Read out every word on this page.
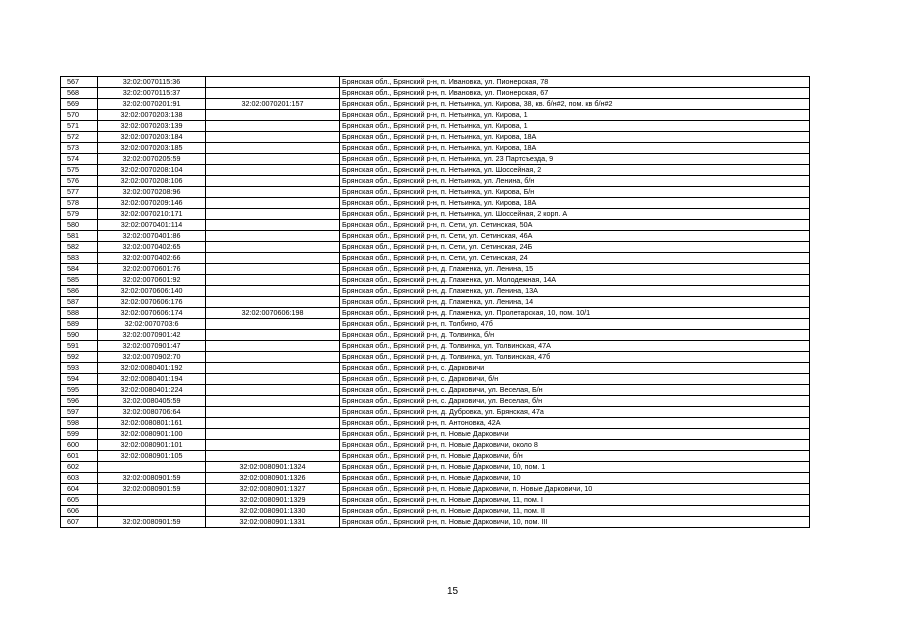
567	32:02:0070115:36		Брянская обл., Брянский р-н, п. Ивановка, ул. Пионерская, 78
568	32:02:0070115:37		Брянская обл., Брянский р-н, п. Ивановка, ул. Пионерская, 67
569	32:02:0070201:91	32:02:0070201:157	Брянская обл., Брянский р-н, п. Нетьинка, ул. Кирова, 38, кв. б/н#2, пом. кв б/н#2
570	32:02:0070203:138		Брянская обл., Брянский р-н, п. Нетьинка, ул. Кирова, 1
571	32:02:0070203:139		Брянская обл., Брянский р-н, п. Нетьинка, ул. Кирова, 1
572	32:02:0070203:184		Брянская обл., Брянский р-н, п. Нетьинка, ул. Кирова, 18А
573	32:02:0070203:185		Брянская обл., Брянский р-н, п. Нетьинка, ул. Кирова, 18А
574	32:02:0070205:59		Брянская обл., Брянский р-н, п. Нетьинка, ул. 23 Партсъезда, 9
575	32:02:0070208:104		Брянская обл., Брянский р-н, п. Нетьинка, ул. Шоссейная, 2
576	32:02:0070208:106		Брянская обл., Брянский р-н, п. Нетьинка, ул. Ленина, б/н
577	32:02:0070208:96		Брянская обл., Брянский р-н, п. Нетьинка, ул. Кирова, Б/н
578	32:02:0070209:146		Брянская обл., Брянский р-н, п. Нетьинка, ул. Кирова, 18А
579	32:02:0070210:171		Брянская обл., Брянский р-н, п. Нетьинка, ул. Шоссейная, 2 корп. А
580	32:02:0070401:114		Брянская обл., Брянский р-н, п. Сети, ул. Сетинская, 50А
581	32:02:0070401:86		Брянская обл., Брянский р-н, п. Сети, ул. Сетинская, 46А
582	32:02:0070402:65		Брянская обл., Брянский р-н, п. Сети, ул. Сетинская, 24Б
583	32:02:0070402:66		Брянская обл., Брянский р-н, п. Сети, ул. Сетинская, 24
584	32:02:0070601:76		Брянская обл., Брянский р-н, д. Глаженка, ул. Ленина, 15
585	32:02:0070601:92		Брянская обл., Брянский р-н, д. Глаженка, ул. Молодежная, 14А
586	32:02:0070606:140		Брянская обл., Брянский р-н, д. Глаженка, ул. Ленина, 13А
587	32:02:0070606:176		Брянская обл., Брянский р-н, д. Глаженка, ул. Ленина, 14
588	32:02:0070606:174	32:02:0070606:198	Брянская обл., Брянский р-н, д. Глаженка, ул. Пролетарская, 10, пом. 10/1
589	32:02:0070703:6		Брянская обл., Брянский р-н, п. Толбино, 47б
590	32:02:0070901:42		Брянская обл., Брянский р-н, д. Толвинка, б/н
591	32:02:0070901:47		Брянская обл., Брянский р-н, д. Толвинка, ул. Толвинская, 47А
592	32:02:0070902:70		Брянская обл., Брянский р-н, д. Толвинка, ул. Толвинская, 47б
593	32:02:0080401:192		Брянская обл., Брянский р-н, с. Дарковичи
594	32:02:0080401:194		Брянская обл., Брянский р-н, с. Дарковичи, б/н
595	32:02:0080401:224		Брянская обл., Брянский р-н, с. Дарковичи, ул. Веселая, Б/н
596	32:02:0080405:59		Брянская обл., Брянский р-н, с. Дарковичи, ул. Веселая, б/н
597	32:02:0080706:64		Брянская обл., Брянский р-н, д. Дубровка, ул. Брянская, 47а
598	32:02:0080801:161		Брянская обл., Брянский р-н, п. Антоновка, 42А
599	32:02:0080901:100		Брянская обл., Брянский р-н, п. Новые Дарковичи
600	32:02:0080901:101		Брянская обл., Брянский р-н, п. Новые Дарковичи, около 8
601	32:02:0080901:105		Брянская обл., Брянский р-н, п. Новые Дарковичи, б/н
602		32:02:0080901:1324	Брянская обл., Брянский р-н, п. Новые Дарковичи, 10, пом. 1
603	32:02:0080901:59	32:02:0080901:1326	Брянская обл., Брянский р-н, п. Новые Дарковичи, 10
604	32:02:0080901:59	32:02:0080901:1327	Брянская обл., Брянский р-н, п. Новые Дарковичи, п. Новые Дарковичи, 10
605		32:02:0080901:1329	Брянская обл., Брянский р-н, п. Новые Дарковичи, 11, пом. I
606		32:02:0080901:1330	Брянская обл., Брянский р-н, п. Новые Дарковичи, 11, пом. II
607	32:02:0080901:59	32:02:0080901:1331	Брянская обл., Брянский р-н, п. Новые Дарковичи, 10, пом. III
15
